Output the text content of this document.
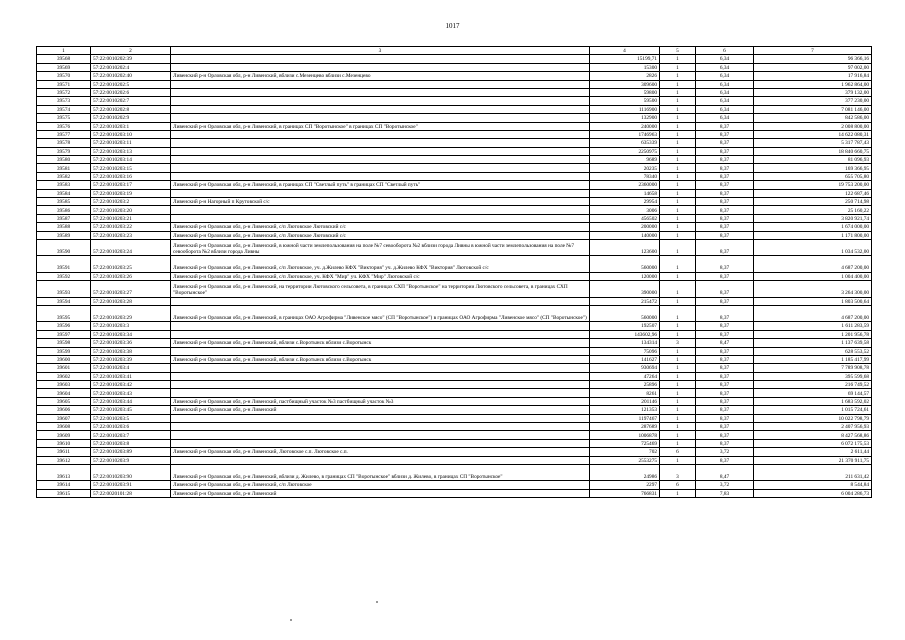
1017
1	2	3	4	5	6	7
39568	57:22:0010202:39		15199,71	1	6,34	96 366,16
39569	57:22:0010202:4		15300	1	6,34	97 002,00
39570	57:22:0010202:40	Ливенский р-н Орловская обл, р-н Ливенский, вблизи с.Мезенцево вблизи с.Мезенцево	2826	1	6,34	17 916,84
39571	57:22:0010202:5		309600	1	6,34	1 962 864,00
39572	57:22:0010202:6		59800	1	6,34	379 132,00
39573	57:22:0010202:7		59500	1	6,34	377 230,00
39574	57:22:0010202:8		1116900	1	6,34	7 081 146,00
39575	57:22:0010202:9		132900	1	6,34	842 586,00
39576	57:22:0010203:1	Ливенский р-н Орловская обл, р-н Ливенский, в границах СП "Воротынское" в границах СП "Воротынское"	240000	1	8,37	2 008 800,00
39577	57:22:0010203:10		1746963	1	8,37	14 622 080,31
39578	57:22:0010203:11		635339	1	8,37	5 317 787,43
39579	57:22:0010203:13		2250975	1	8,37	18 840 660,75
39580	57:22:0010203:14		9689	1	8,37	81 096,93
39581	57:22:0010203:15		20235	1	8,37	169 366,95
39582	57:22:0010203:16		78340	1	8,37	655 705,80
39583	57:22:0010203:17	Ливенский р-н Орловская обл, р-н Ливенский, в границах СП "Светлый путь" в границах СП "Светлый путь"	2360000	1	8,37	19 753 200,00
39584	57:22:0010203:19		14658	1	8,37	122 687,46
39585	57:22:0010203:2	Ливенский р-н Нагорный п Крутовской с/с	29954	1	8,37	250 714,98
39586	57:22:0010203:20		3006	1	8,37	25 160,22
39587	57:22:0010203:21		456502	1	8,37	3 820 921,74
39588	57:22:0010203:22	Ливенский р-н Орловская обл, р-н Ливенский, с/п Лютовское Лютовский с/с	200000	1	8,37	1 674 000,00
39589	57:22:0010203:23	Ливенский р-н Орловская обл, р-н Ливенский, с/п Лютовское Лютовский с/с	140000	1	8,37	1 171 800,00
39590	57:22:0010203:24	Ливенский р-н Орловская обл, р-н Ливенский, в южной части землепользования на поле №7 севооборота №2 вблизи города Ливны в южной части землепользования на поле №7 севооборота №2 вблизи города Ливны	123600	1	8,37	1 034 532,00
39591	57:22:0010203:25	Ливенский р-н Орловская обл, р-н Ливенский, с/п Лютовское, уч. д.Жилево КФХ "Виктория" уч. д.Жилево КФХ "Виктория" Лютовской с/с	560000	1	8,37	4 687 200,00
39592	57:22:0010203:26	Ливенский р-н Орловская обл, р-н Ливенский, с/п Лютовское, уч. КФХ "Мир" уч. КФХ "Мир" Лютовской с/с	120000	1	8,37	1 004 400,00
39593	57:22:0010203:27	Ливенский р-н Орловская обл, р-н Ливенский, на территории Лютовского сельсовета, в границах СХП "Воротынское" на территории Лютовского сельсовета, в границах СХП "Воротынское"	390000	1	8,37	3 264 300,00
39594	57:22:0010203:28		215472	1	8,37	1 803 500,64
39595	57:22:0010203:29	Ливенский р-н Орловская обл, р-н Ливенский, в границах ОАО Агрофирма "Ливенское мясо" (СП "Воротынское") в границах ОАО Агрофирма "Ливенское мясо" (СП "Воротынское")	560000	1	8,37	4 687 200,00
39596	57:22:0010203:3		192507	1	8,37	1 611 283,59
39597	57:22:0010203:34		143602,96	1	8,37	1 201 956,78
39598	57:22:0010203:36	Ливенский р-н Орловская обл, р-н Ливенский, вблизи с.Воротынск вблизи с.Воротынск	134314	3	8,47	1 137 639,58
39599	57:22:0010203:38		75096	1	8,37	628 553,52
39600	57:22:0010203:39	Ливенский р-н Орловская обл, р-н Ливенский, вблизи с.Воротынск вблизи с.Воротынск	141627	1	8,37	1 185 417,99
39601	57:22:0010203:4		930694	1	8,37	7 789 908,78
39602	57:22:0010203:41		47264	1	8,37	395 599,68
39603	57:22:0010203:42		25896	1	8,37	216 749,52
39604	57:22:0010203:43		8261	1	8,37	69 144,57
39605	57:22:0010203:44	Ливенский р-н Орловская обл, р-н Ливенский, пастбищный участок №3 пастбищный участок №3	201146	1	8,37	1 683 592,02
39606	57:22:0010203:45	Ливенский р-н Орловская обл, р-н Ливенский	121353	1	8,37	1 015 724,61
39607	57:22:0010203:5		1197467	1	8,37	10 022 798,79
39608	57:22:0010203:6		287689	1	8,37	2 407 956,93
39609	57:22:0010203:7		1006878	1	8,37	8 427 568,86
39610	57:22:0010203:8		725469	1	8,37	6 072 175,53
39611	57:22:0010203:89	Ливенский р-н Орловская обл, р-н Ливенский, Лютовское с.п. Лютовское с.п.	702	6	3,72	2 611,44
39612	57:22:0010203:9		2553275	1	8,37	21 370 911,75
39613	57:22:0010203:90	Ливенский р-н Орловская обл, р-н Ливенский, вблизи д. Жилево, в границах СП "Воротынское" вблизи д. Жилево, в границах СП "Воротынское"	24986	3	8,47	211 631,42
39614	57:22:0010203:91	Ливенский р-н Орловская обл, р-н Ливенский, с/п Лютовское	2297	6	3,72	8 544,84
39615	57:22:0020101:28	Ливенский р-н Орловская обл, р-н Ливенский	766831	1	7,83	6 004 286,73
